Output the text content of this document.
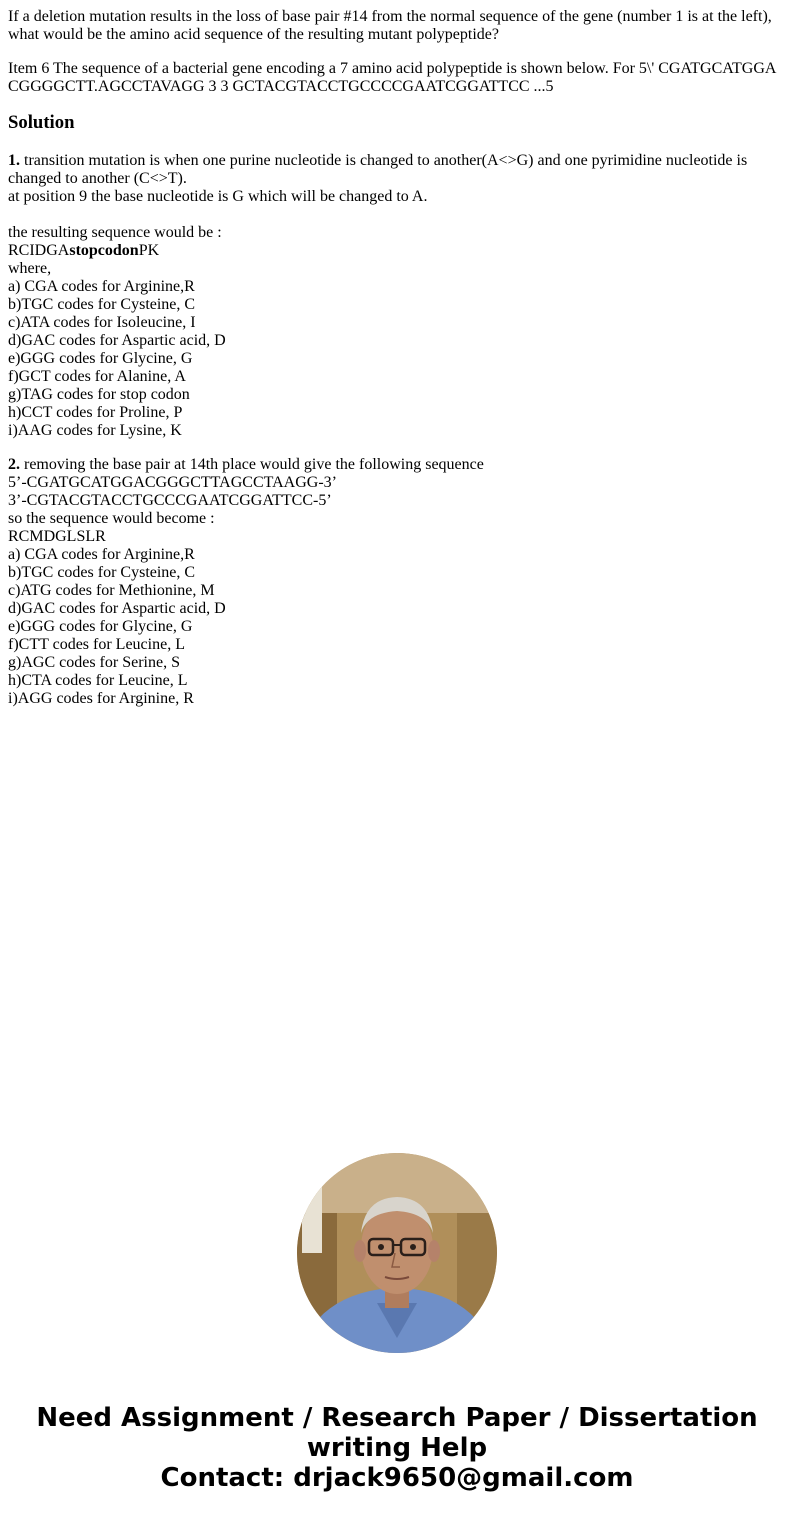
If a deletion mutation results in the loss of base pair #14 from the normal sequence of the gene (number 1 is at the left), what would be the amino acid sequence of the resulting mutant polypeptide?

Item 6 The sequence of a bacterial gene encoding a 7 amino acid polypeptide is shown below. For 5\' CGATGCATGGA CGGGGCTT.AGCCTAVAGG 3 3 GCTACGTACCTGCCCCGAATCGGATTCC ...5

Solution

1. transition mutation is when one purine nucleotide is changed to another(A<>G) and one pyrimidine nucleotide is changed to another (C<>T).
at position 9 the base nucleotide is G which will be changed to A.
the resulting sequence would be :
RCIDGAstopcodonPK
where,
a) CGA codes for Arginine,R
b)TGC codes for Cysteine, C
c)ATA codes for Isoleucine, I
d)GAC codes for Aspartic acid, D
e)GGG codes for Glycine, G
f)GCT codes for Alanine, A
g)TAG codes for stop codon
h)CCT codes for Proline, P
i)AAG codes for Lysine, K

2. removing the base pair at 14th place would give the following sequence
5’-CGATGCATGGACGGGCTTAGCCTAAGG-3’
3’-CGTACGTACCTGCCCGAATCGGATTCC-5’
so the sequence would become :
RCMDGLSLR
a) CGA codes for Arginine,R
b)TGC codes for Cysteine, C
c)ATG codes for Methionine, M
d)GAC codes for Aspartic acid, D
e)GGG codes for Glycine, G
f)CTT codes for Leucine, L
g)AGC codes for Serine, S
h)CTA codes for Leucine, L
i)AGG codes for Arginine, R

Need Assignment / Research Paper / Dissertation
writing Help
Contact: drjack9650@gmail.com
